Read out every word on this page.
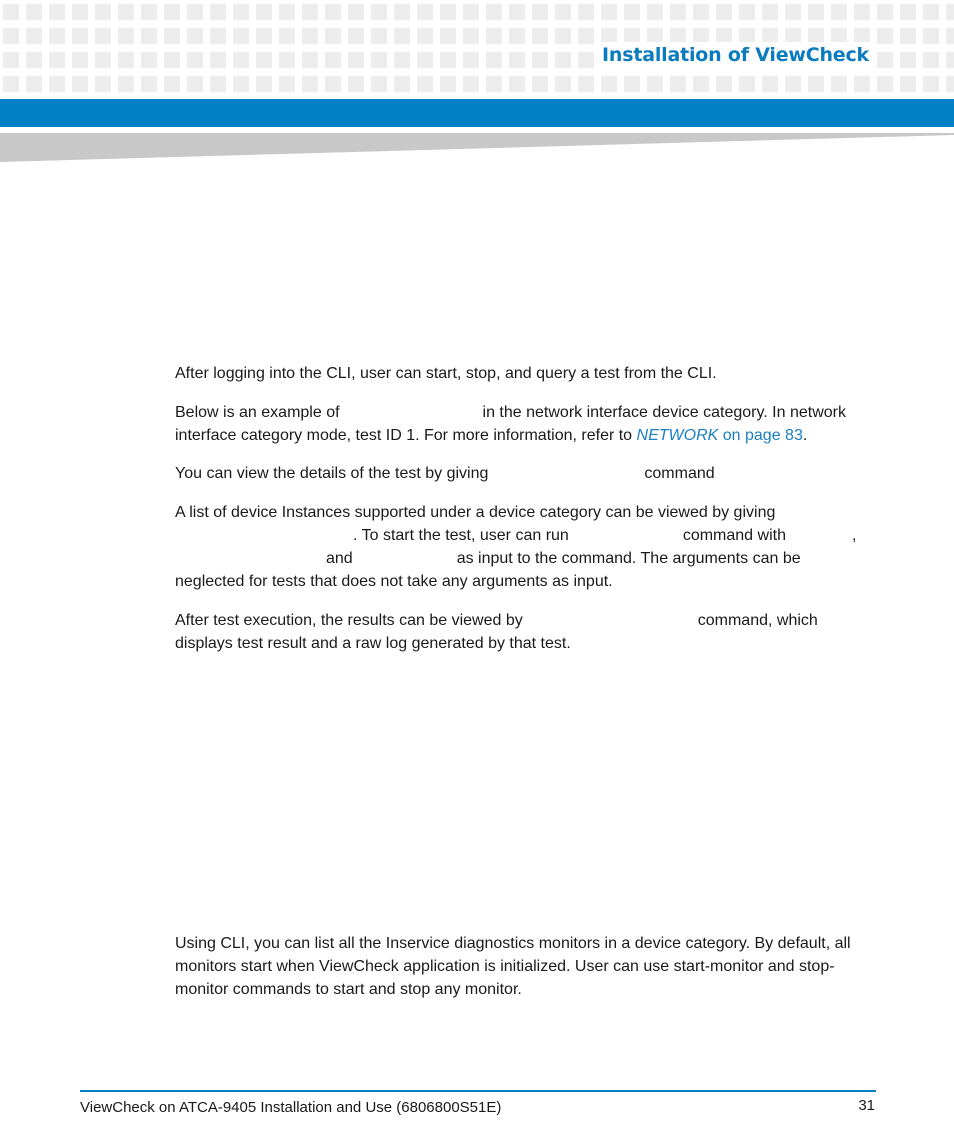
Installation of ViewCheck

After logging into the CLI, user can start, stop, and query a test from the CLI.

Below is an example of	in the network interface device category. In network
interface category mode, test ID 1. For more information, refer to NETWORK on page 83.

You can view the details of the test by giving	command

A list of device Instances supported under a device category can be viewed by giving
. To start the test, user can run	command with	,
and	as input to the command. The arguments can be
neglected for tests that does not take any arguments as input.

After test execution, the results can be viewed by	command, which
displays test result and a raw log generated by that test.

Using CLI, you can list all the Inservice diagnostics monitors in a device category. By default, all monitors start when ViewCheck application is initialized. User can use start-monitor and stop-monitor commands to start and stop any monitor.

ViewCheck on ATCA-9405 Installation and Use (6806800S51E)	31
